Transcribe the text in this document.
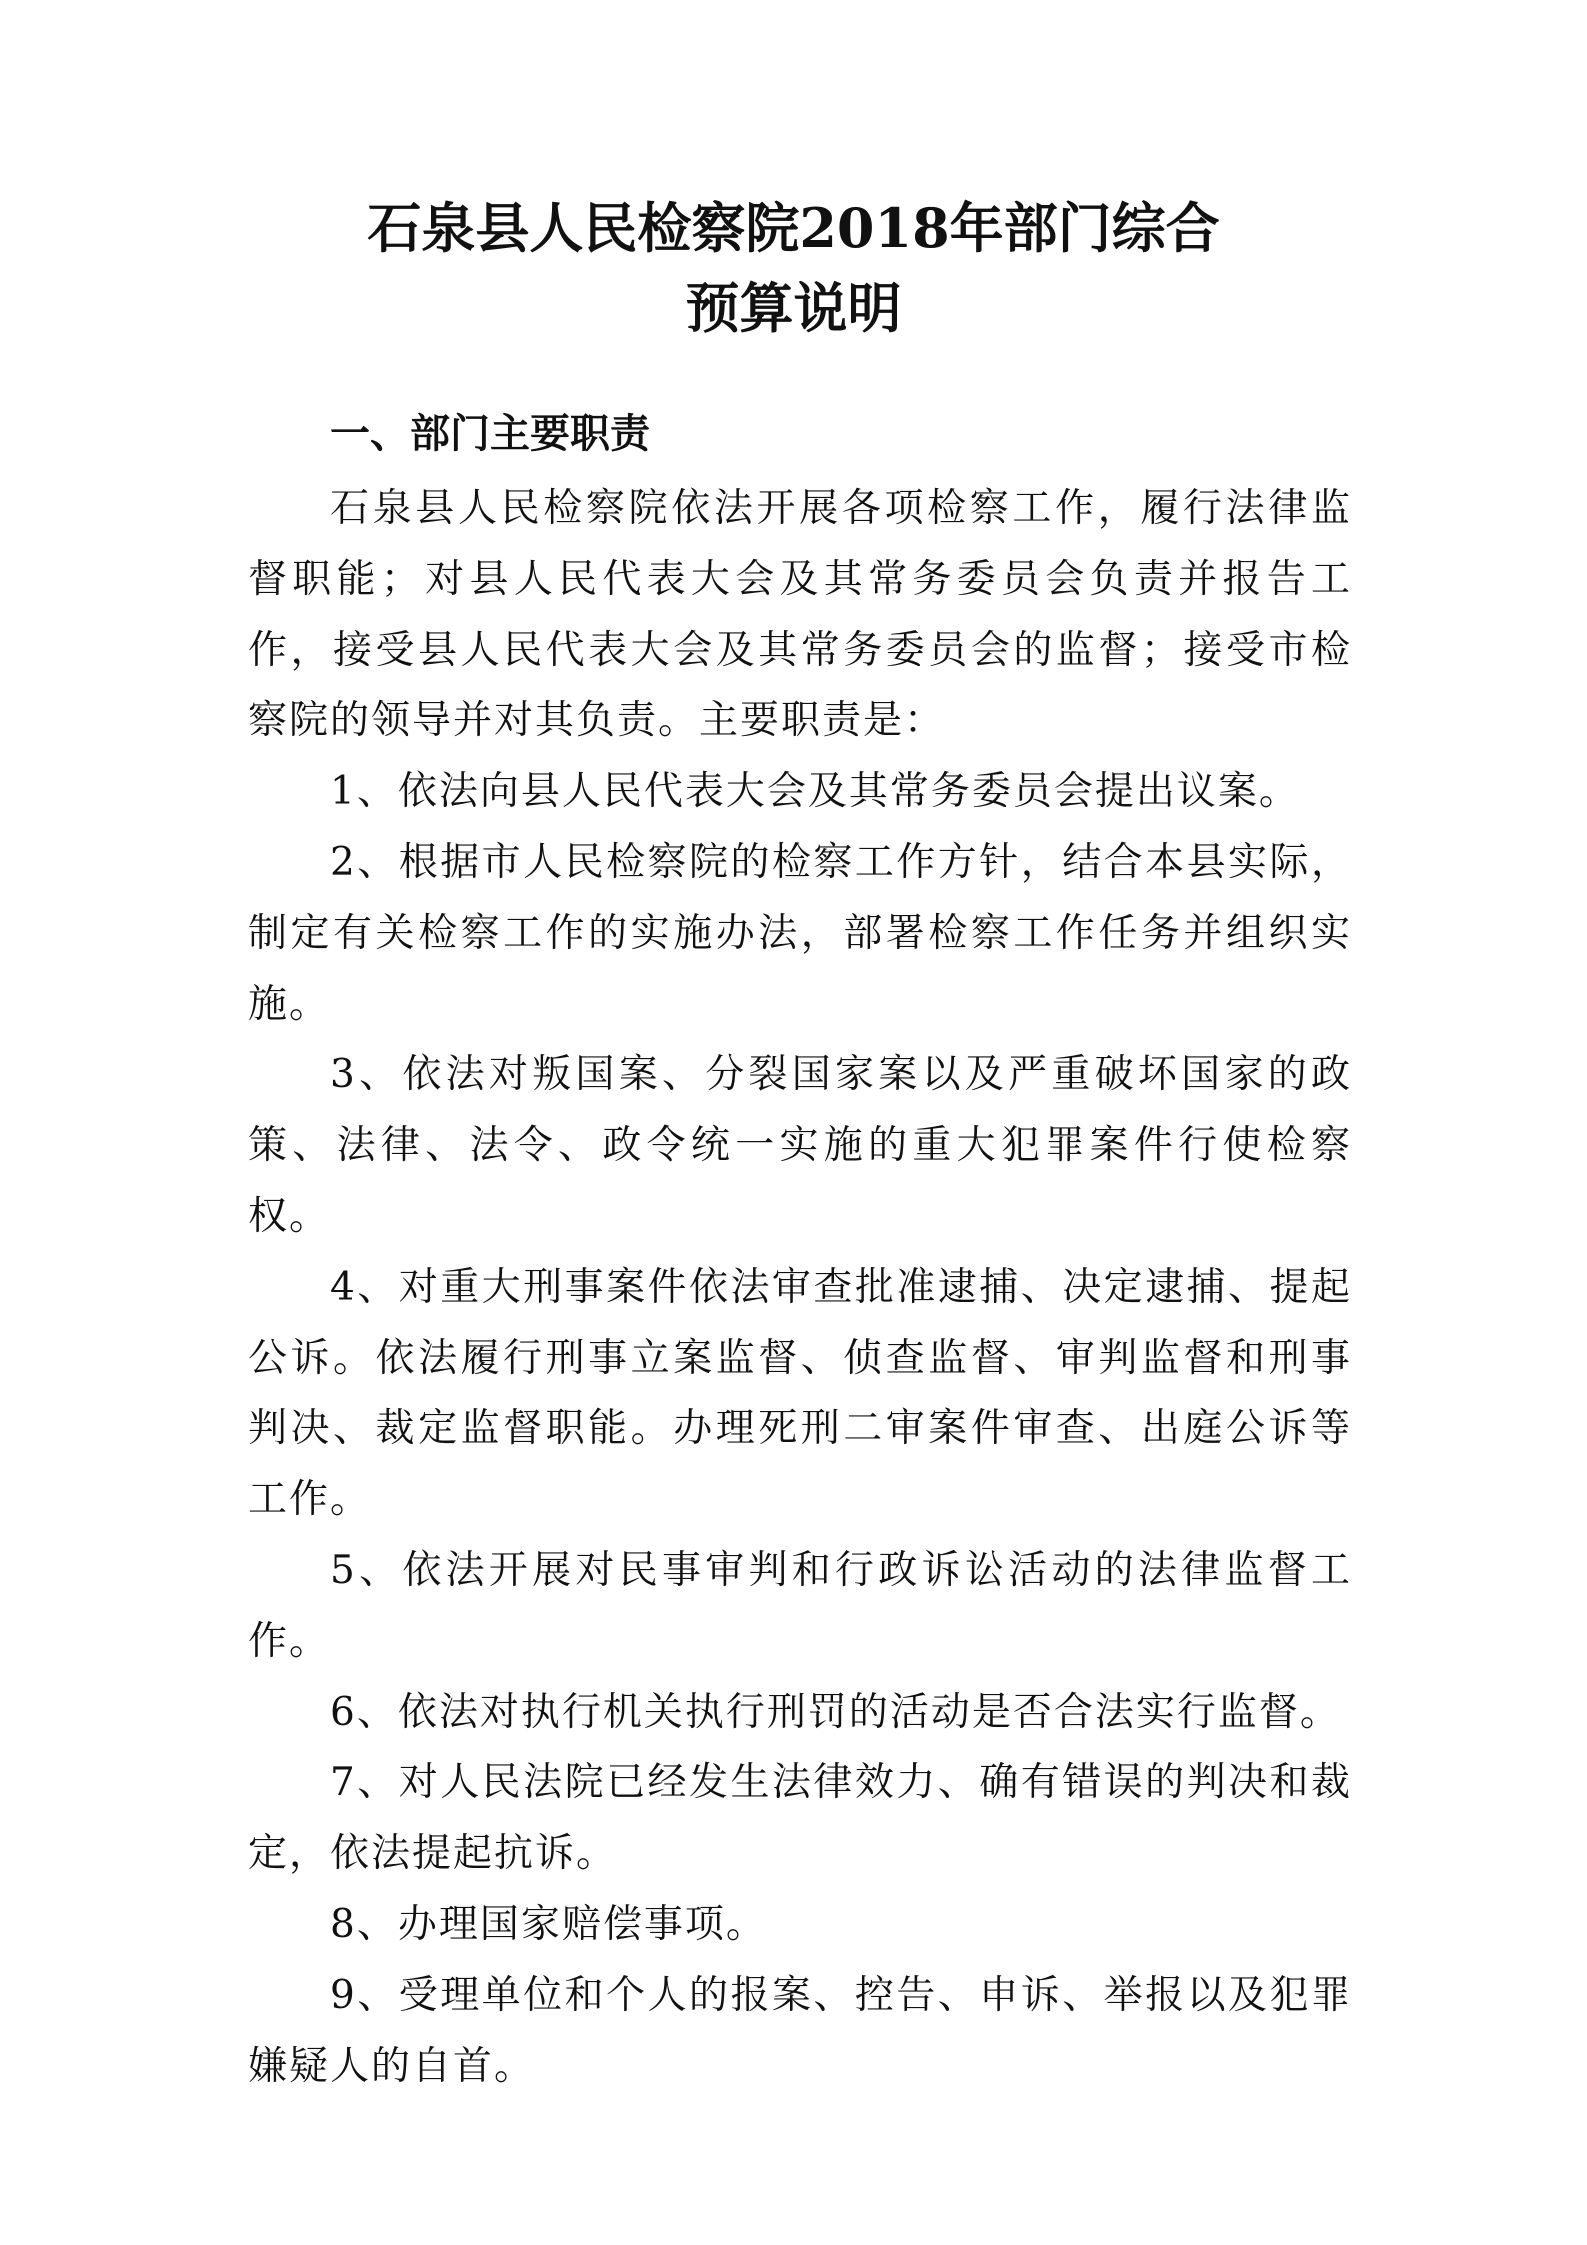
石泉县人民检察院2018年部门综合
预算说明
一、部门主要职责

石泉县人民检察院依法开展各项检察工作，履行法律监督职能；对县人民代表大会及其常务委员会负责并报告工作，接受县人民代表大会及其常务委员会的监督；接受市检察院的领导并对其负责。主要职责是：

1、依法向县人民代表大会及其常务委员会提出议案。

2、根据市人民检察院的检察工作方针，结合本县实际，制定有关检察工作的实施办法，部署检察工作任务并组织实施。

3、依法对叛国案、分裂国家案以及严重破坏国家的政策、法律、法令、政令统一实施的重大犯罪案件行使检察权。

4、对重大刑事案件依法审查批准逮捕、决定逮捕、提起公诉。依法履行刑事立案监督、侦查监督、审判监督和刑事判决、裁定监督职能。办理死刑二审案件审查、出庭公诉等工作。

5、依法开展对民事审判和行政诉讼活动的法律监督工作。

6、依法对执行机关执行刑罚的活动是否合法实行监督。

7、对人民法院已经发生法律效力、确有错误的判决和裁定，依法提起抗诉。

8、办理国家赔偿事项。

9、受理单位和个人的报案、控告、申诉、举报以及犯罪嫌疑人的自首。
